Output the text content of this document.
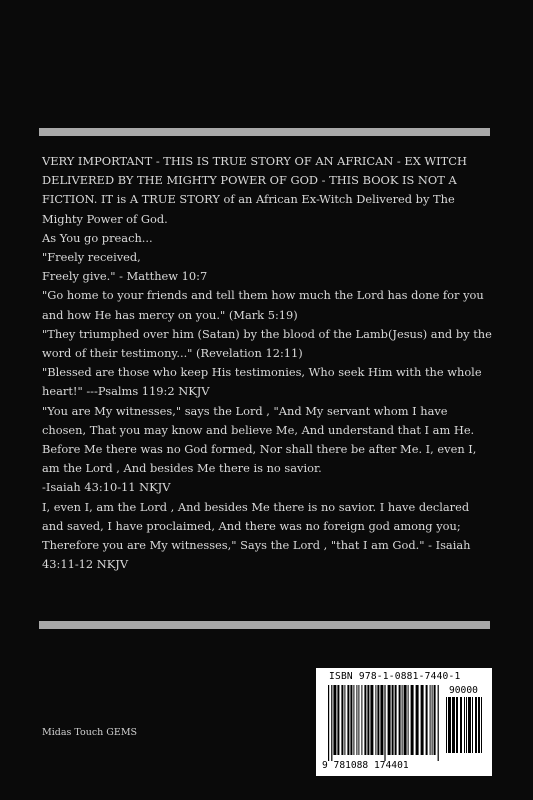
VERY IMPORTANT - THIS IS TRUE STORY OF AN AFRICAN - EX WITCH DELIVERED BY THE MIGHTY POWER OF GOD - THIS BOOK IS NOT A FICTION. IT is A TRUE STORY of an African Ex-Witch Delivered by The Mighty Power of God.

As You go preach...

"Freely received,

Freely give." - Matthew 10:7

"Go home to your friends and tell them how much the Lord has done for you and how He has mercy on you." (Mark 5:19)

"They triumphed over him (Satan) by the blood of the Lamb(Jesus) and by the word of their testimony..." (Revelation 12:11)

"Blessed are those who keep His testimonies, Who seek Him with the whole heart!" ---Psalms 119:2 NKJV

"You are My witnesses," says the Lord , "And My servant whom I have chosen, That you may know and believe Me, And understand that I am He. Before Me there was no God formed, Nor shall there be after Me. I, even I, am the Lord , And besides Me there is no savior.

-Isaiah 43:10-11 NKJV

I, even I, am the Lord , And besides Me there is no savior. I have declared and saved, I have proclaimed, And there was no foreign god among you; Therefore you are My witnesses," Says the Lord , "that I am God." - Isaiah 43:11-12 NKJV

Midas Touch GEMS
ISBN 978-1-0881-7440-1
90000
9 781088 174401
